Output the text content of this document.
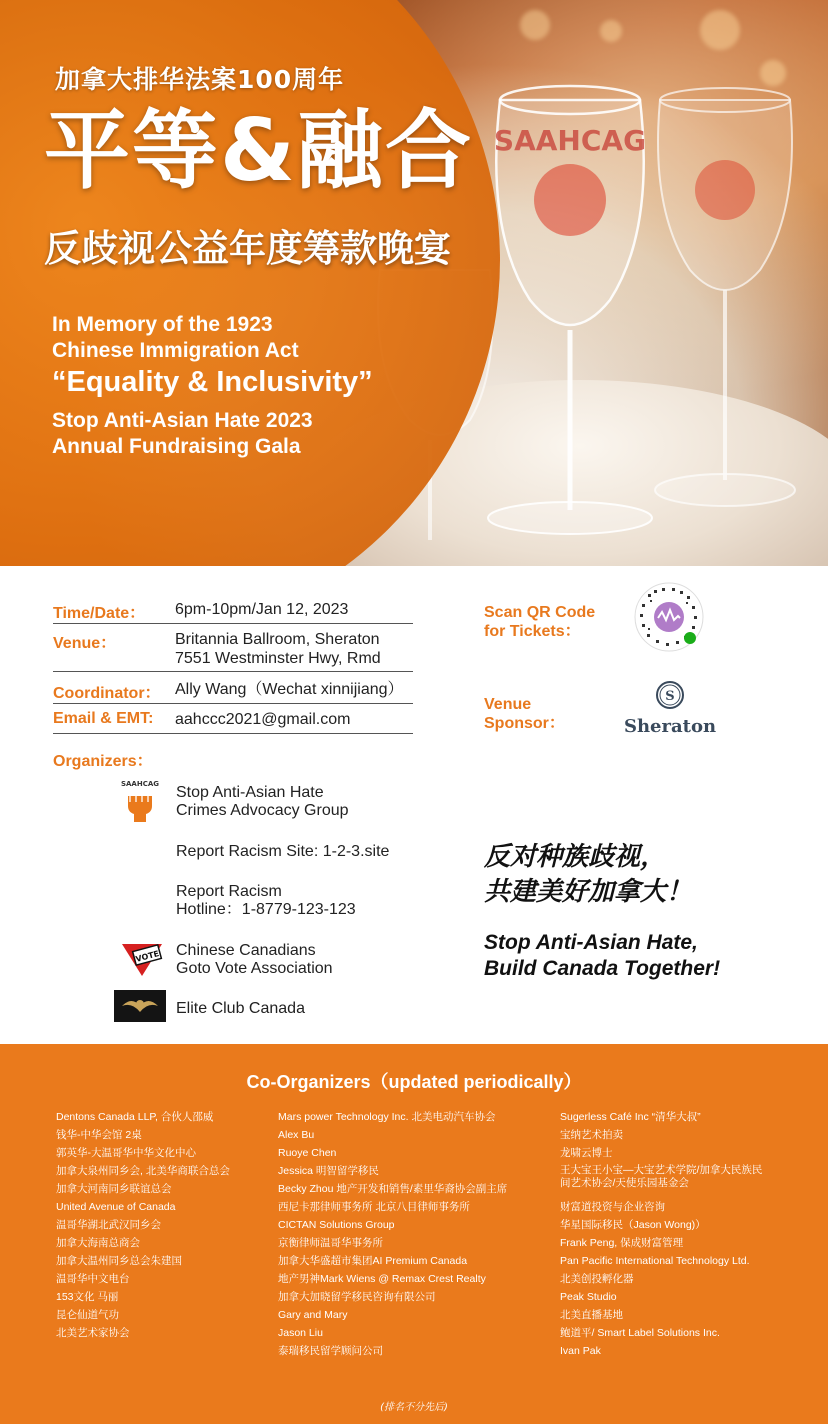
SAAHCAG
加拿大排华法案100周年
平等&融合
反歧视公益年度筹款晚宴
In Memory of the 1923
Chinese Immigration Act
“Equality & Inclusivity”
Stop Anti-Asian Hate 2023
Annual Fundraising Gala
Time/Date： 6pm-10pm/Jan 12, 2023
Venue：	Britannia Ballroom, Sheraton
7551 Westminster Hwy, Rmd
Coordinator： Ally Wang（Wechat xinnijiang）
Email & EMT: aahccc2021@gmail.com
Organizers：
SAAHCAG Stop Anti-Asian Hate
Crimes Advocacy Group
Report Racism Site: 1-2-3.site
Report Racism
Hotline：1-8779-123-123
VOTE Chinese Canadians
Goto Vote Association
Elite Club Canada
Scan QR Code
for Tickets：
Venue
Sponsor：
S
Sheraton
反对种族歧视，
共建美好加拿大！
Stop Anti-Asian Hate,
Build Canada Together!
Co-Organizers（updated periodically）
Dentons Canada LLP, 合伙人邵威
钱华-中华会馆 2桌
郭英华-大温哥华中华文化中心
加拿大泉州同乡会, 北美华商联合总会
加拿大河南同乡联谊总会
United Avenue of Canada
温哥华湖北武汉同乡会
加拿大海南总商会
加拿大温州同乡总会朱建国
温哥华中文电台
153文化 马丽
昆仑仙道气功
北美艺术家协会
Mars power Technology Inc. 北美电动汽车协会
Alex Bu
Ruoye Chen
Jessica 明智留学移民
Becky Zhou 地产开发和销售/素里华裔协会副主席
西尼卡那律师事务所 北京八目律师事务所
CICTAN Solutions Group
京衡律师温哥华事务所
加拿大华盛超市集团AI Premium Canada
地产男神Mark Wiens @ Remax Crest Realty
加拿大加晓留学移民咨询有限公司
Gary and Mary
Jason Liu
泰瑞移民留学顾问公司
Sugerless Café Inc “清华大叔”
宝纳艺术拍卖
龙啸云博士
王大宝王小宝—大宝艺术学院/加拿大民族民间艺术协会/天使乐园基金会
财富道投资与企业咨询
华星国际移民（Jason Wong)）
Frank Peng, 保成财富管理
Pan Pacific International Technology Ltd.
北美创投孵化器
Peak Studio
北美直播基地
鲍道平/ Smart Label Solutions Inc.
Ivan Pak
(排名不分先后)
